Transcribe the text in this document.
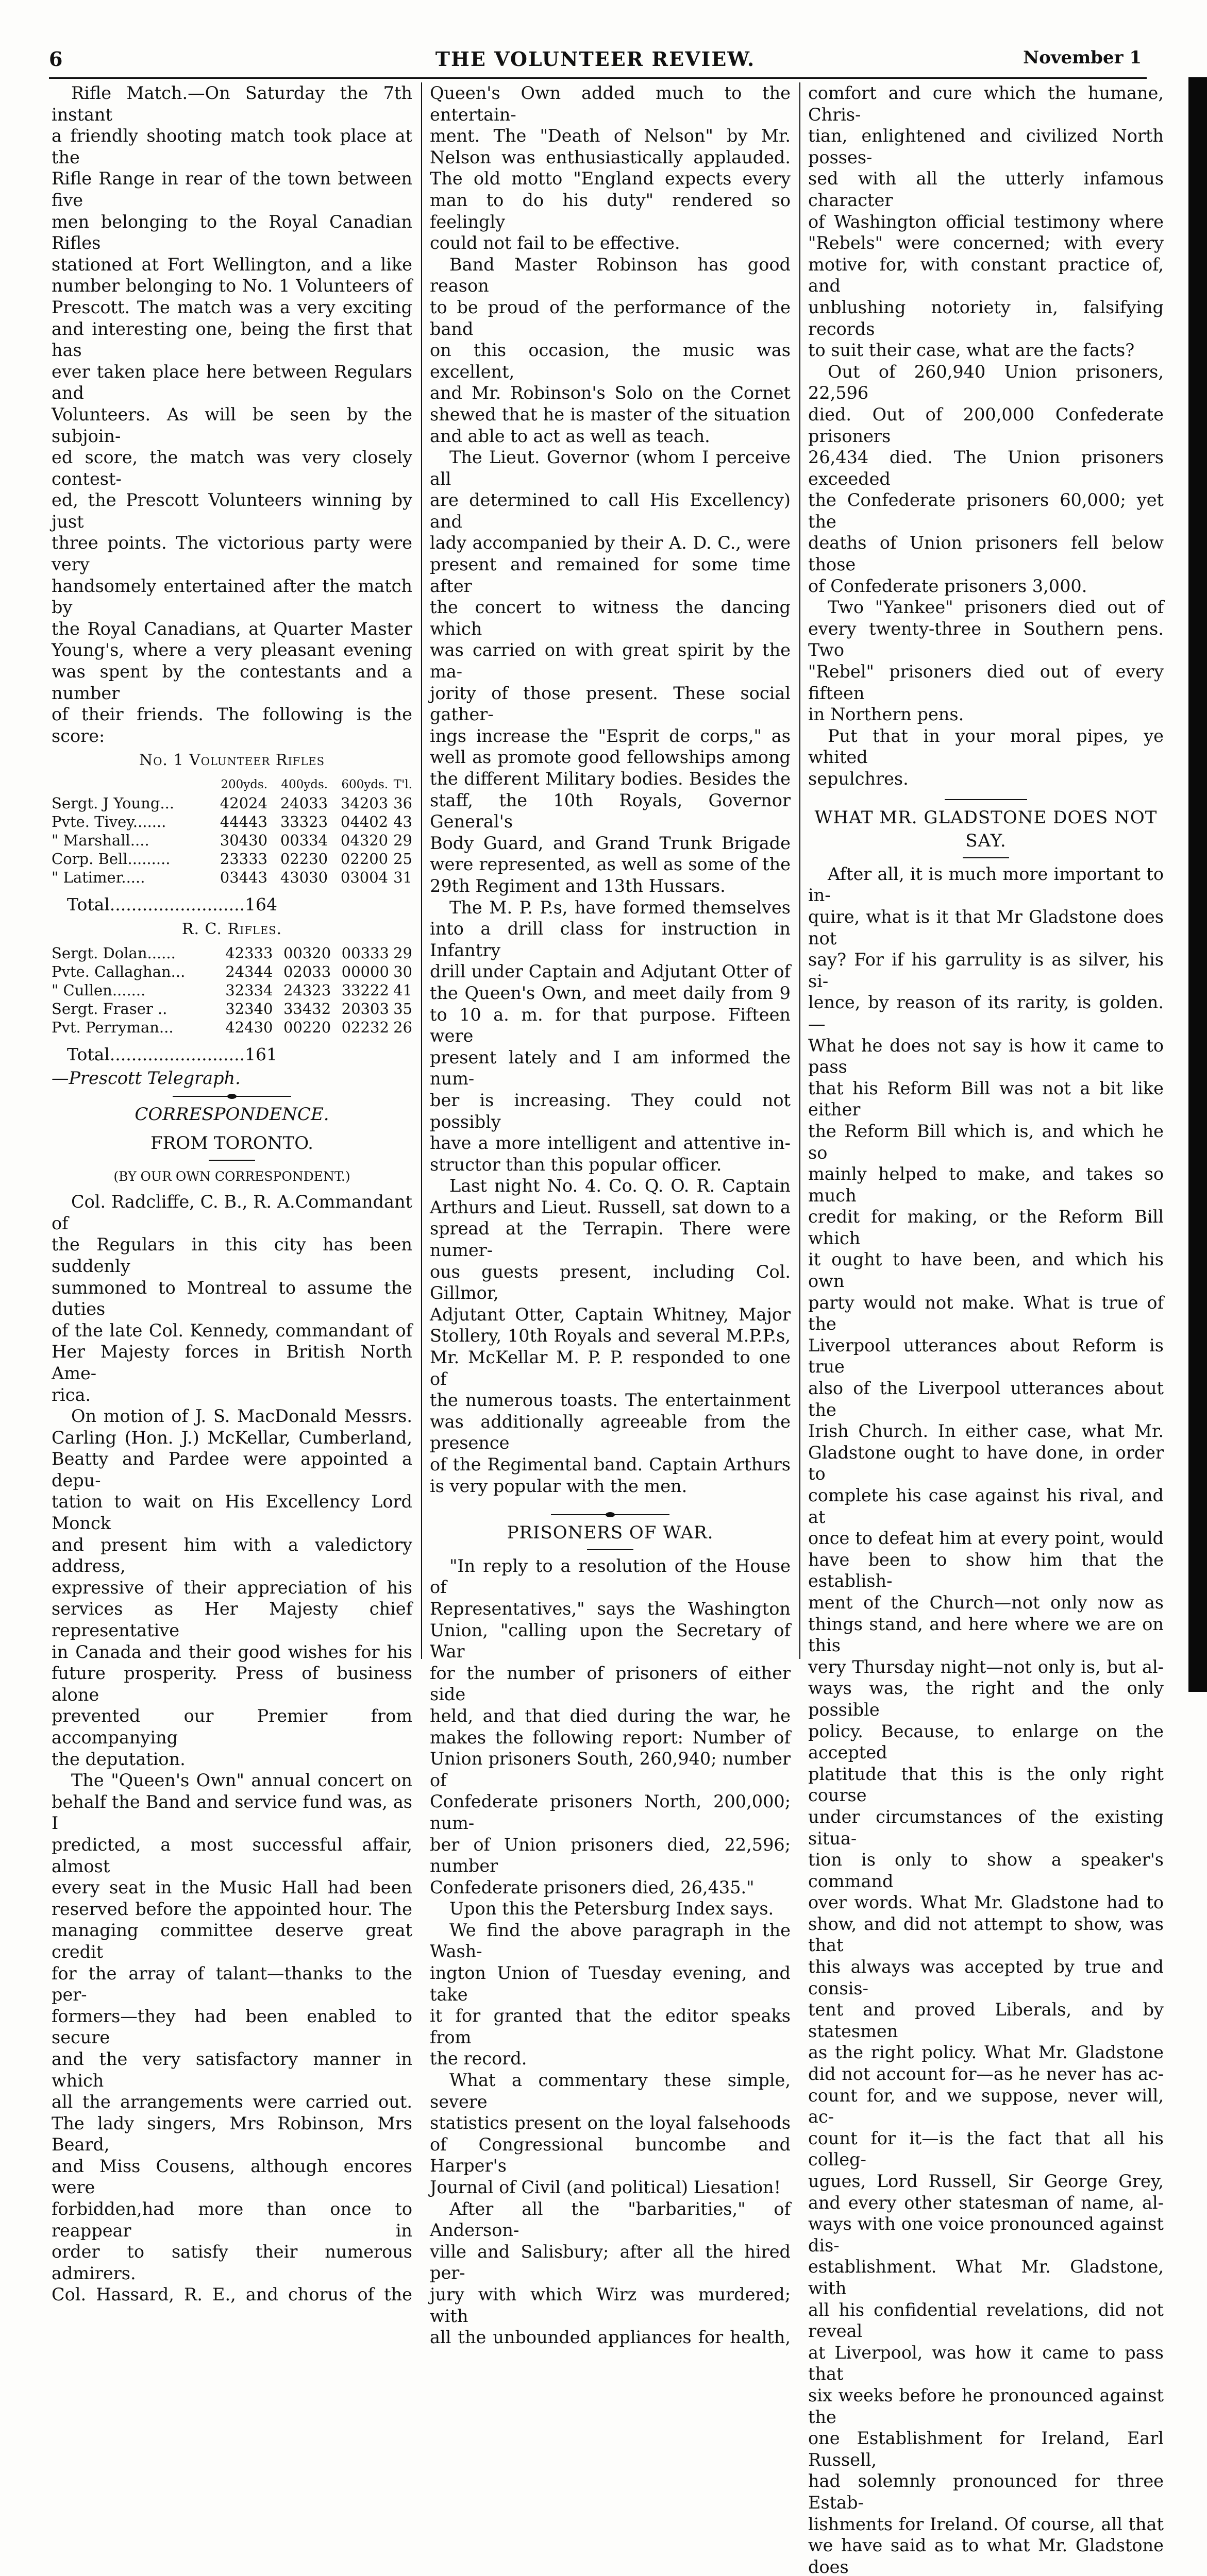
6	THE VOLUNTEER REVIEW.	November 1

Rifle Match.—On Saturday the 7th instant

a friendly shooting match took place at the

Rifle Range in rear of the town between five

men belonging to the Royal Canadian Rifles

stationed at Fort Wellington, and a like

number belonging to No. 1 Volunteers of

Prescott. The match was a very exciting

and interesting one, being the first that has

ever taken place here between Regulars and

Volunteers. As will be seen by the subjoin-

ed score, the match was very closely contest-

ed, the Prescott Volunteers winning by just

three points. The victorious party were very

handsomely entertained after the match by

the Royal Canadians, at Quarter Master

Young's, where a very pleasant evening

was spent by the contestants and a number

of their friends. The following is the score:

No. 1 Volunteer Rifles
	200yds.	400yds.	600yds.	T'l.
Sergt. J Young...	42024	24033	34203	36
Pvte. Tivey.......	44443	33323	04402	43
" Marshall....	30430	00334	04320	29
Corp. Bell.........	23333	02230	02200	25
" Latimer.....	03443	43030	03004	31
Total.........................164
R. C. Rifles.
Sergt. Dolan......	42333	00320	00333	29
Pvte. Callaghan...	24344	02033	00000	30
" Cullen.......	32334	24323	33222	41
Sergt. Fraser ..	32340	33432	20303	35
Pvt. Perryman...	42430	00220	02232	26
Total.........................161

—Prescott Telegraph.

CORRESPONDENCE.
FROM TORONTO.
(BY OUR OWN CORRESPONDENT.)

Col. Radcliffe, C. B., R. A.Commandant of

the Regulars in this city has been suddenly

summoned to Montreal to assume the duties

of the late Col. Kennedy, commandant of

Her Majesty forces in British North Ame-

rica.

On motion of J. S. MacDonald Messrs.

Carling (Hon. J.) McKellar, Cumberland,

Beatty and Pardee were appointed a depu-

tation to wait on His Excellency Lord Monck

and present him with a valedictory address,

expressive of their appreciation of his

services as Her Majesty chief representative

in Canada and their good wishes for his

future prosperity. Press of business alone

prevented our Premier from accompanying

the deputation.

The "Queen's Own" annual concert on

behalf the Band and service fund was, as I

predicted, a most successful affair, almost

every seat in the Music Hall had been

reserved before the appointed hour. The

managing committee deserve great credit

for the array of talant—thanks to the per-

formers—they had been enabled to secure

and the very satisfactory manner in which

all the arrangements were carried out.

The lady singers, Mrs Robinson, Mrs Beard,

and Miss Cousens, although encores were

forbidden,had more than once to reappear in

order to satisfy their numerous admirers.

Col. Hassard, R. E., and chorus of the

Queen's Own added much to the entertain-

ment. The "Death of Nelson" by Mr.

Nelson was enthusiastically applauded.

The old motto "England expects every

man to do his duty" rendered so feelingly

could not fail to be effective.

Band Master Robinson has good reason

to be proud of the performance of the band

on this occasion, the music was excellent,

and Mr. Robinson's Solo on the Cornet

shewed that he is master of the situation

and able to act as well as teach.

The Lieut. Governor (whom I perceive all

are determined to call His Excellency) and

lady accompanied by their A. D. C., were

present and remained for some time after

the concert to witness the dancing which

was carried on with great spirit by the ma-

jority of those present. These social gather-

ings increase the "Esprit de corps," as

well as promote good fellowships among

the different Military bodies. Besides the

staff, the 10th Royals, Governor General's

Body Guard, and Grand Trunk Brigade

were represented, as well as some of the

29th Regiment and 13th Hussars.

The M. P. P.s, have formed themselves

into a drill class for instruction in Infantry

drill under Captain and Adjutant Otter of

the Queen's Own, and meet daily from 9

to 10 a. m. for that purpose. Fifteen were

present lately and I am informed the num-

ber is increasing. They could not possibly

have a more intelligent and attentive in-

structor than this popular officer.

Last night No. 4. Co. Q. O. R. Captain

Arthurs and Lieut. Russell, sat down to a

spread at the Terrapin. There were numer-

ous guests present, including Col. Gillmor,

Adjutant Otter, Captain Whitney, Major

Stollery, 10th Royals and several M.P.P.s,

Mr. McKellar M. P. P. responded to one of

the numerous toasts. The entertainment

was additionally agreeable from the presence

of the Regimental band. Captain Arthurs

is very popular with the men.

PRISONERS OF WAR.

"In reply to a resolution of the House of

Representatives," says the Washington

Union, "calling upon the Secretary of War

for the number of prisoners of either side

held, and that died during the war, he

makes the following report: Number of

Union prisoners South, 260,940; number of

Confederate prisoners North, 200,000; num-

ber of Union prisoners died, 22,596; number

Confederate prisoners died, 26,435."

Upon this the Petersburg Index says.

We find the above paragraph in the Wash-

ington Union of Tuesday evening, and take

it for granted that the editor speaks from

the record.

What a commentary these simple, severe

statistics present on the loyal falsehoods

of Congressional buncombe and Harper's

Journal of Civil (and political) Liesation!

After all the "barbarities," of Anderson-

ville and Salisbury; after all the hired per-

jury with which Wirz was murdered; with

all the unbounded appliances for health,

comfort and cure which the humane, Chris-

tian, enlightened and civilized North posses-

sed with all the utterly infamous character

of Washington official testimony where

"Rebels" were concerned; with every

motive for, with constant practice of, and

unblushing notoriety in, falsifying records

to suit their case, what are the facts?

Out of 260,940 Union prisoners, 22,596

died. Out of 200,000 Confederate prisoners

26,434 died. The Union prisoners exceeded

the Confederate prisoners 60,000; yet the

deaths of Union prisoners fell below those

of Confederate prisoners 3,000.

Two "Yankee" prisoners died out of

every twenty-three in Southern pens. Two

"Rebel" prisoners died out of every fifteen

in Northern pens.

Put that in your moral pipes, ye whited

sepulchres.

WHAT MR. GLADSTONE DOES NOT
SAY.

After all, it is much more important to in-

quire, what is it that Mr Gladstone does not

say? For if his garrulity is as silver, his si-

lence, by reason of its rarity, is golden.—

What he does not say is how it came to pass

that his Reform Bill was not a bit like either

the Reform Bill which is, and which he so

mainly helped to make, and takes so much

credit for making, or the Reform Bill which

it ought to have been, and which his own

party would not make. What is true of the

Liverpool utterances about Reform is true

also of the Liverpool utterances about the

Irish Church. In either case, what Mr.

Gladstone ought to have done, in order to

complete his case against his rival, and at

once to defeat him at every point, would

have been to show him that the establish-

ment of the Church—not only now as

things stand, and here where we are on this

very Thursday night—not only is, but al-

ways was, the right and the only possible

policy. Because, to enlarge on the accepted

platitude that this is the only right course

under circumstances of the existing situa-

tion is only to show a speaker's command

over words. What Mr. Gladstone had to

show, and did not attempt to show, was that

this always was accepted by true and consis-

tent and proved Liberals, and by statesmen

as the right policy. What Mr. Gladstone

did not account for—as he never has ac-

count for, and we suppose, never will, ac-

count for it—is the fact that all his colleg-

ugues, Lord Russell, Sir George Grey,

and every other statesman of name, al-

ways with one voice pronounced against dis-

establishment. What Mr. Gladstone, with

all his confidential revelations, did not reveal

at Liverpool, was how it came to pass that

six weeks before he pronounced against the

one Establishment for Ireland, Earl Russell,

had solemnly pronounced for three Estab-

lishments for Ireland. Of course, all that

we have said as to what Mr. Gladstone does
